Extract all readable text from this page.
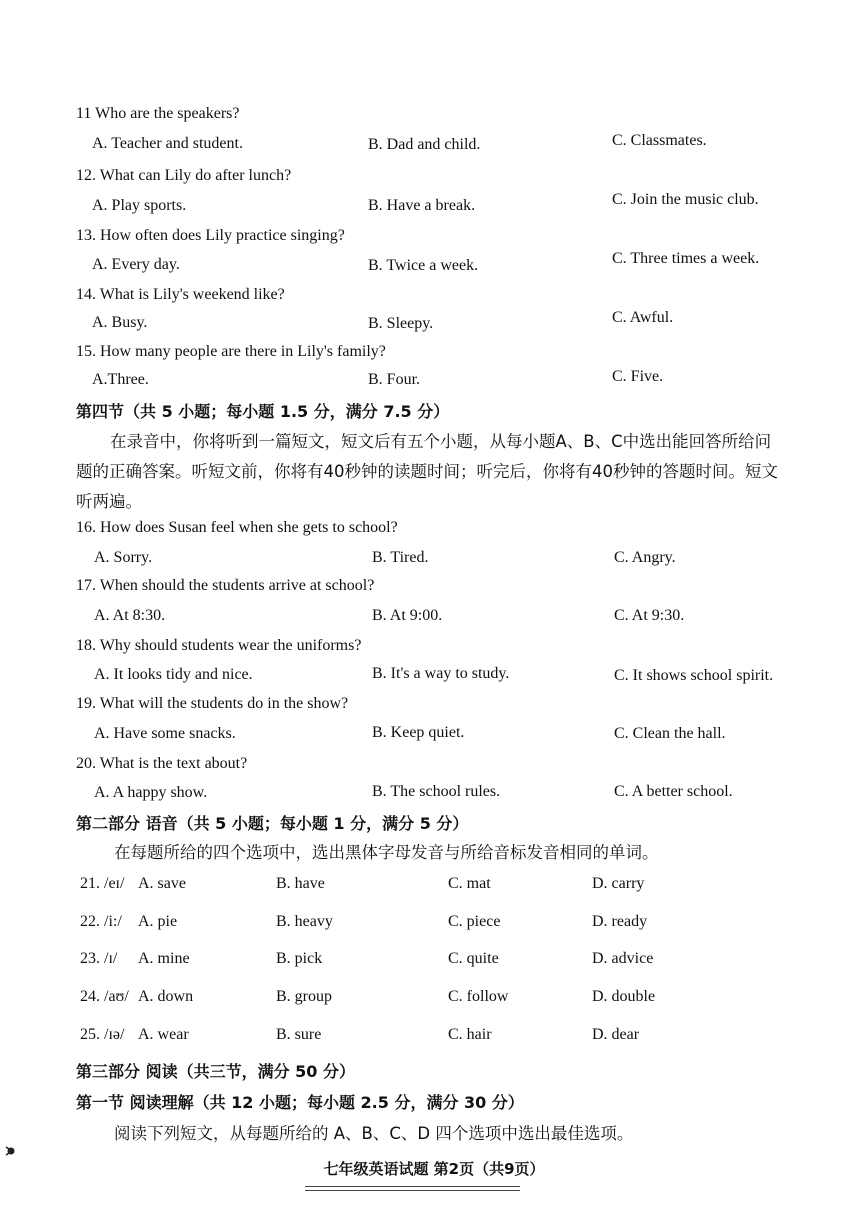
11 Who are the speakers?
A. Teacher and student.	B. Dad and child.	C. Classmates.
12. What can Lily do after lunch?
A. Play sports.	B. Have a break.	C. Join the music club.
13. How often does Lily practice singing?
A. Every day.	B. Twice a week.	C. Three times a week.
14. What is Lily's weekend like?
A. Busy.	B. Sleepy.	C. Awful.
15. How many people are there in Lily's family?
A.Three.	B. Four.	C. Five.
第四节（共 5 小题；每小题 1.5 分，满分 7.5 分）
在录音中，你将听到一篇短文，短文后有五个小题，从每小题A、B、C中选出能回答所给问
题的正确答案。听短文前，你将有40秒钟的读题时间；听完后，你将有40秒钟的答题时间。短文
听两遍。
16. How does Susan feel when she gets to school?
A. Sorry.	B. Tired.	C. Angry.
17. When should the students arrive at school?
A. At 8:30.	B. At 9:00.	C. At 9:30.
18. Why should students wear the uniforms?
A. It looks tidy and nice.	B. It's a way to study.	C. It shows school spirit.
19. What will the students do in the show?
A. Have some snacks.	B. Keep quiet.	C. Clean the hall.
20. What is the text about?
A. A happy show.	B. The school rules.	C. A better school.
第二部分 语音（共 5 小题；每小题 1 分，满分 5 分）
在每题所给的四个选项中，选出黑体字母发音与所给音标发音相同的单词。
21. /eɪ/ A. save	B. have	C. mat	D. carry
22. /i:/ A. pie	B. heavy	C. piece	D. ready
23. /ɪ/ A. mine	B. pick	C. quite	D. advice
24. /aʊ/ A. down	B. group	C. follow	D. double
25. /ɪə/ A. wear	B. sure	C. hair	D. dear
第三部分 阅读（共三节，满分 50 分）
第一节 阅读理解（共 12 小题；每小题 2.5 分，满分 30 分）
阅读下列短文，从每题所给的 A、B、C、D 四个选项中选出最佳选项。
七年级英语试题 第2页（共9页）
